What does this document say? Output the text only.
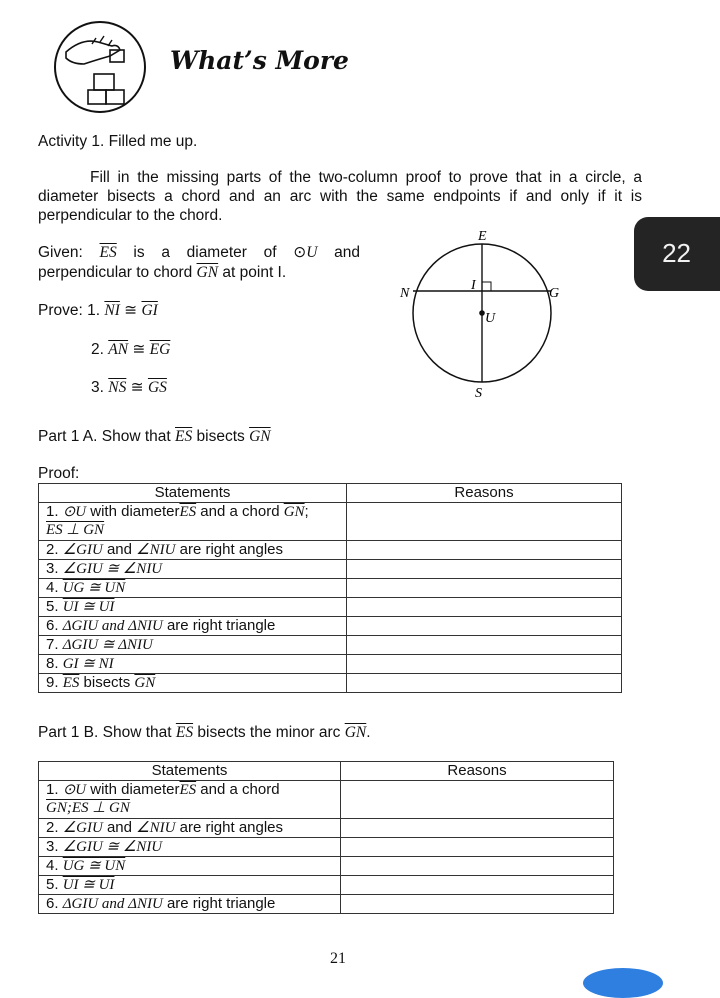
What’s More
Activity 1. Filled me up.
Fill in the missing parts of the two-column proof to prove that in a circle, a diameter bisects a chord and an arc with the same endpoints if and only if it is perpendicular to the chord.
Given: $\overline{ES}$ is a diameter of ⊙U and perpendicular to chord $\overline{GN}$ at point I.
Prove: 1. $\overline{NI}$ ≅ $\overline{GI}$
2. $\overline{AN}$ ≅ $\overline{EG}$
3. $\overline{NS}$ ≅ $\overline{GS}$
E
N	G
S
I
U
22
Part 1 A. Show that $\overline{ES}$ bisects $\overline{GN}$
Proof:
Statements	Reasons
1. ⊙U with $diameter\overline{ES}$ and a chord $\overline{GN}$;
ES ⊥ GN	
2. ∠GIU and ∠NIU are right angles	
3. ∠GIU ≅ ∠NIU	
4. UG ≅ UN	
5. UI ≅ UI	
6. ΔGIU and ΔNIU are right triangle	
7. ΔGIU ≅ ΔNIU	
8. GI ≅ NI	
9. $\overline{ES}$ bisects $\overline{GN}$	
Part 1 B. Show that $\overline{ES}$ bisects the minor arc $\overline{GN}$.
Statements	Reasons
1. ⊙U with $diameter\overline{ES}$ and a chord
GN;ES ⊥ GN	
2. ∠GIU and ∠NIU are right angles	
3. ∠GIU ≅ ∠NIU	
4. UG ≅ UN	
5. UI ≅ UI	
6. ΔGIU and ΔNIU are right triangle	
21
